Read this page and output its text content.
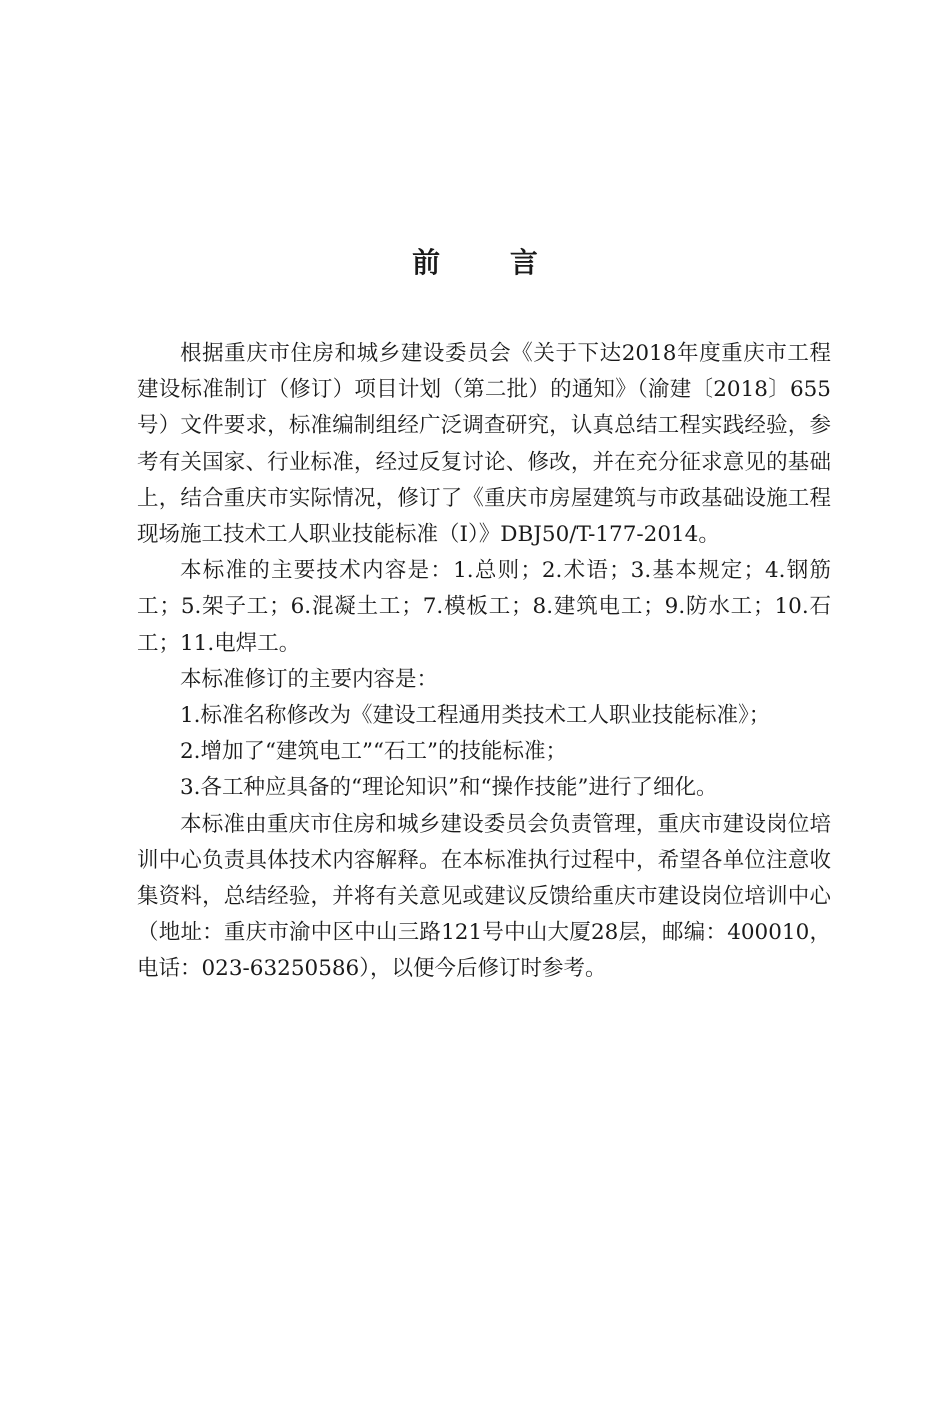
前 言

根据重庆市住房和城乡建设委员会《关于下达2018年度重庆市工程建设标准制订（修订）项目计划（第二批）的通知》（渝建〔2018〕655号）文件要求，标准编制组经广泛调查研究，认真总结工程实践经验，参考有关国家、行业标准，经过反复讨论、修改，并在充分征求意见的基础上，结合重庆市实际情况，修订了《重庆市房屋建筑与市政基础设施工程现场施工技术工人职业技能标准（Ⅰ）》DBJ50/T-177-2014。

本标准的主要技术内容是：1.总则；2.术语；3.基本规定；4.钢筋工；5.架子工；6.混凝土工；7.模板工；8.建筑电工；9.防水工；10.石工；11.电焊工。

本标准修订的主要内容是：

1.标准名称修改为《建设工程通用类技术工人职业技能标准》；

2.增加了“建筑电工”“石工”的技能标准；

3.各工种应具备的“理论知识”和“操作技能”进行了细化。

本标准由重庆市住房和城乡建设委员会负责管理，重庆市建设岗位培训中心负责具体技术内容解释。在本标准执行过程中，希望各单位注意收集资料，总结经验，并将有关意见或建议反馈给重庆市建设岗位培训中心（地址：重庆市渝中区中山三路121号中山大厦28层，邮编：400010，电话：023-63250586），以便今后修订时参考。
